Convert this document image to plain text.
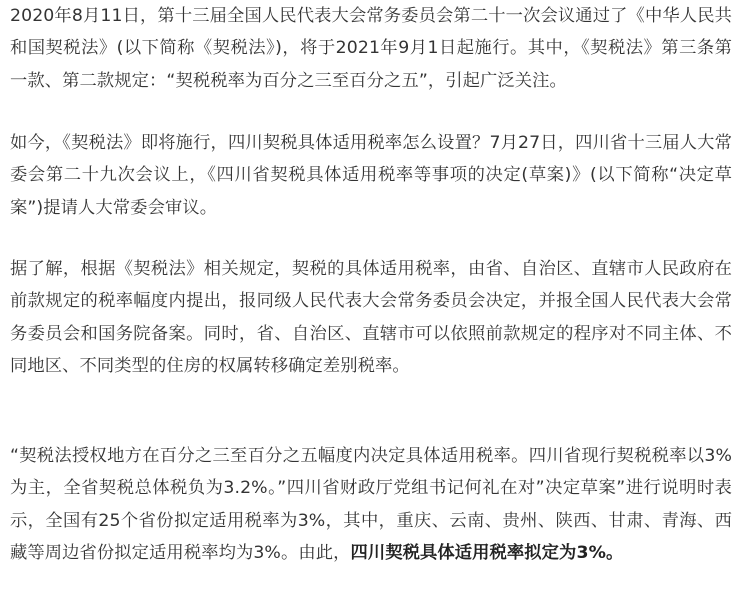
2020年8月11日，第十三届全国人民代表大会常务委员会第二十一次会议通过了《中华人民共和国契税法》(以下简称《契税法》)，将于2021年9月1日起施行。其中，《契税法》第三条第一款、第二款规定：“契税税率为百分之三至百分之五”，引起广泛关注。

如今，《契税法》即将施行，四川契税具体适用税率怎么设置？7月27日，四川省十三届人大常委会第二十九次会议上，《四川省契税具体适用税率等事项的决定(草案)》(以下简称“决定草案”)提请人大常委会审议。

据了解，根据《契税法》相关规定，契税的具体适用税率，由省、自治区、直辖市人民政府在前款规定的税率幅度内提出，报同级人民代表大会常务委员会决定，并报全国人民代表大会常务委员会和国务院备案。同时，省、自治区、直辖市可以依照前款规定的程序对不同主体、不同地区、不同类型的住房的权属转移确定差别税率。

“契税法授权地方在百分之三至百分之五幅度内决定具体适用税率。四川省现行契税税率以3%为主，全省契税总体税负为3.2%。”四川省财政厅党组书记何礼在对”决定草案”进行说明时表示，全国有25个省份拟定适用税率为3%，其中，重庆、云南、贵州、陕西、甘肃、青海、西藏等周边省份拟定适用税率均为3%。由此，四川契税具体适用税率拟定为3%。
